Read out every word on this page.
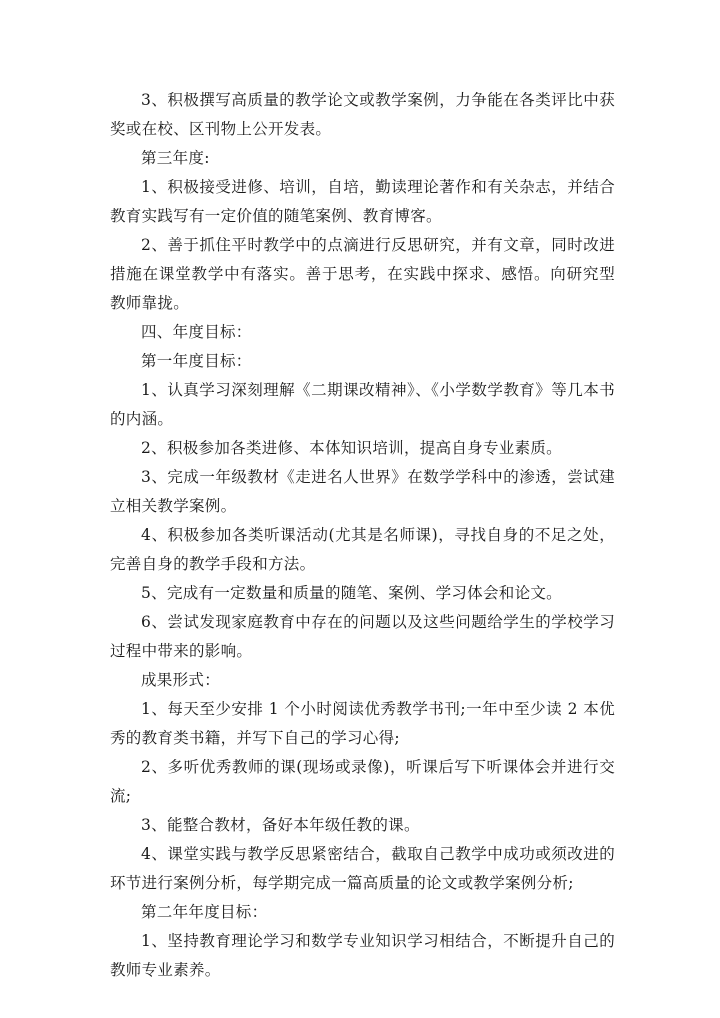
3、积极撰写高质量的教学论文或教学案例，力争能在各类评比中获奖或在校、区刊物上公开发表。

第三年度:

1、积极接受进修、培训，自培，勤读理论著作和有关杂志，并结合教育实践写有一定价值的随笔案例、教育博客。

2、善于抓住平时教学中的点滴进行反思研究，并有文章，同时改进措施在课堂教学中有落实。善于思考，在实践中探求、感悟。向研究型教师靠拢。

四、年度目标：

第一年度目标：

1、认真学习深刻理解《二期课改精神》、《小学数学教育》等几本书的内涵。

2、积极参加各类进修、本体知识培训，提高自身专业素质。

3、完成一年级教材《走进名人世界》在数学学科中的渗透，尝试建立相关教学案例。

4、积极参加各类听课活动(尤其是名师课)，寻找自身的不足之处，完善自身的教学手段和方法。

5、完成有一定数量和质量的随笔、案例、学习体会和论文。

6、尝试发现家庭教育中存在的问题以及这些问题给学生的学校学习过程中带来的影响。

成果形式：

1、每天至少安排 1 个小时阅读优秀教学书刊;一年中至少读 2 本优秀的教育类书籍，并写下自己的学习心得;

2、多听优秀教师的课(现场或录像)，听课后写下听课体会并进行交流;

3、能整合教材，备好本年级任教的课。

4、课堂实践与教学反思紧密结合，截取自己教学中成功或须改进的环节进行案例分析，每学期完成一篇高质量的论文或教学案例分析;

第二年年度目标：

1、坚持教育理论学习和数学专业知识学习相结合，不断提升自己的教师专业素养。
